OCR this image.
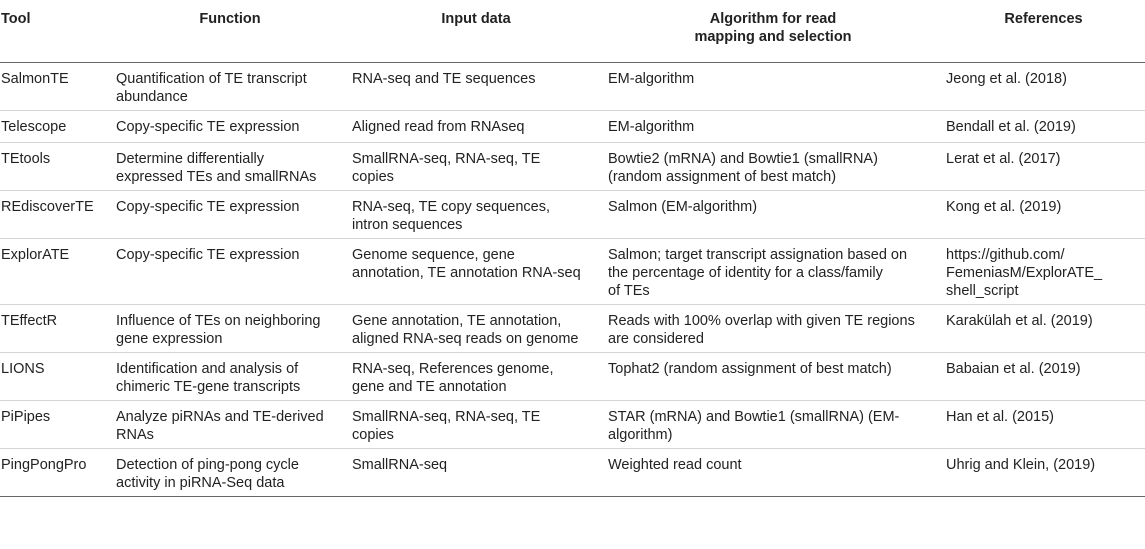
Tool	Function	Input data	Algorithm for read
mapping and selection	References
SalmonTE	Quantification of TE transcript
abundance	RNA-seq and TE sequences	EM-algorithm	Jeong et al. (2018)

Telescope	Copy-specific TE expression	Aligned read from RNAseq	EM-algorithm	Bendall et al. (2019)

TEtools	Determine differentially
expressed TEs and smallRNAs	SmallRNA-seq, RNA-seq, TE
copies	Bowtie2 (mRNA) and Bowtie1 (smallRNA)
(random assignment of best match)	Lerat et al. (2017)

REdiscoverTE	Copy-specific TE expression	RNA-seq, TE copy sequences,
intron sequences	Salmon (EM-algorithm)	Kong et al. (2019)

ExplorATE	Copy-specific TE expression	Genome sequence, gene
annotation, TE annotation RNA-seq	Salmon; target transcript assignation based on
the percentage of identity for a class/family
of TEs	https://github.com/
FemeniasM/ExplorATE_
shell_script

TEffectR	Influence of TEs on neighboring
gene expression	Gene annotation, TE annotation,
aligned RNA-seq reads on genome	Reads with 100% overlap with given TE regions
are considered	Karakülah et al. (2019)

LIONS	Identification and analysis of
chimeric TE-gene transcripts	RNA-seq, References genome,
gene and TE annotation	Tophat2 (random assignment of best match)	Babaian et al. (2019)

PiPipes	Analyze piRNAs and TE-derived
RNAs	SmallRNA-seq, RNA-seq, TE
copies	STAR (mRNA) and Bowtie1 (smallRNA) (EM-
algorithm)	Han et al. (2015)

PingPongPro	Detection of ping-pong cycle
activity in piRNA-Seq data	SmallRNA-seq	Weighted read count	Uhrig and Klein, (2019)
